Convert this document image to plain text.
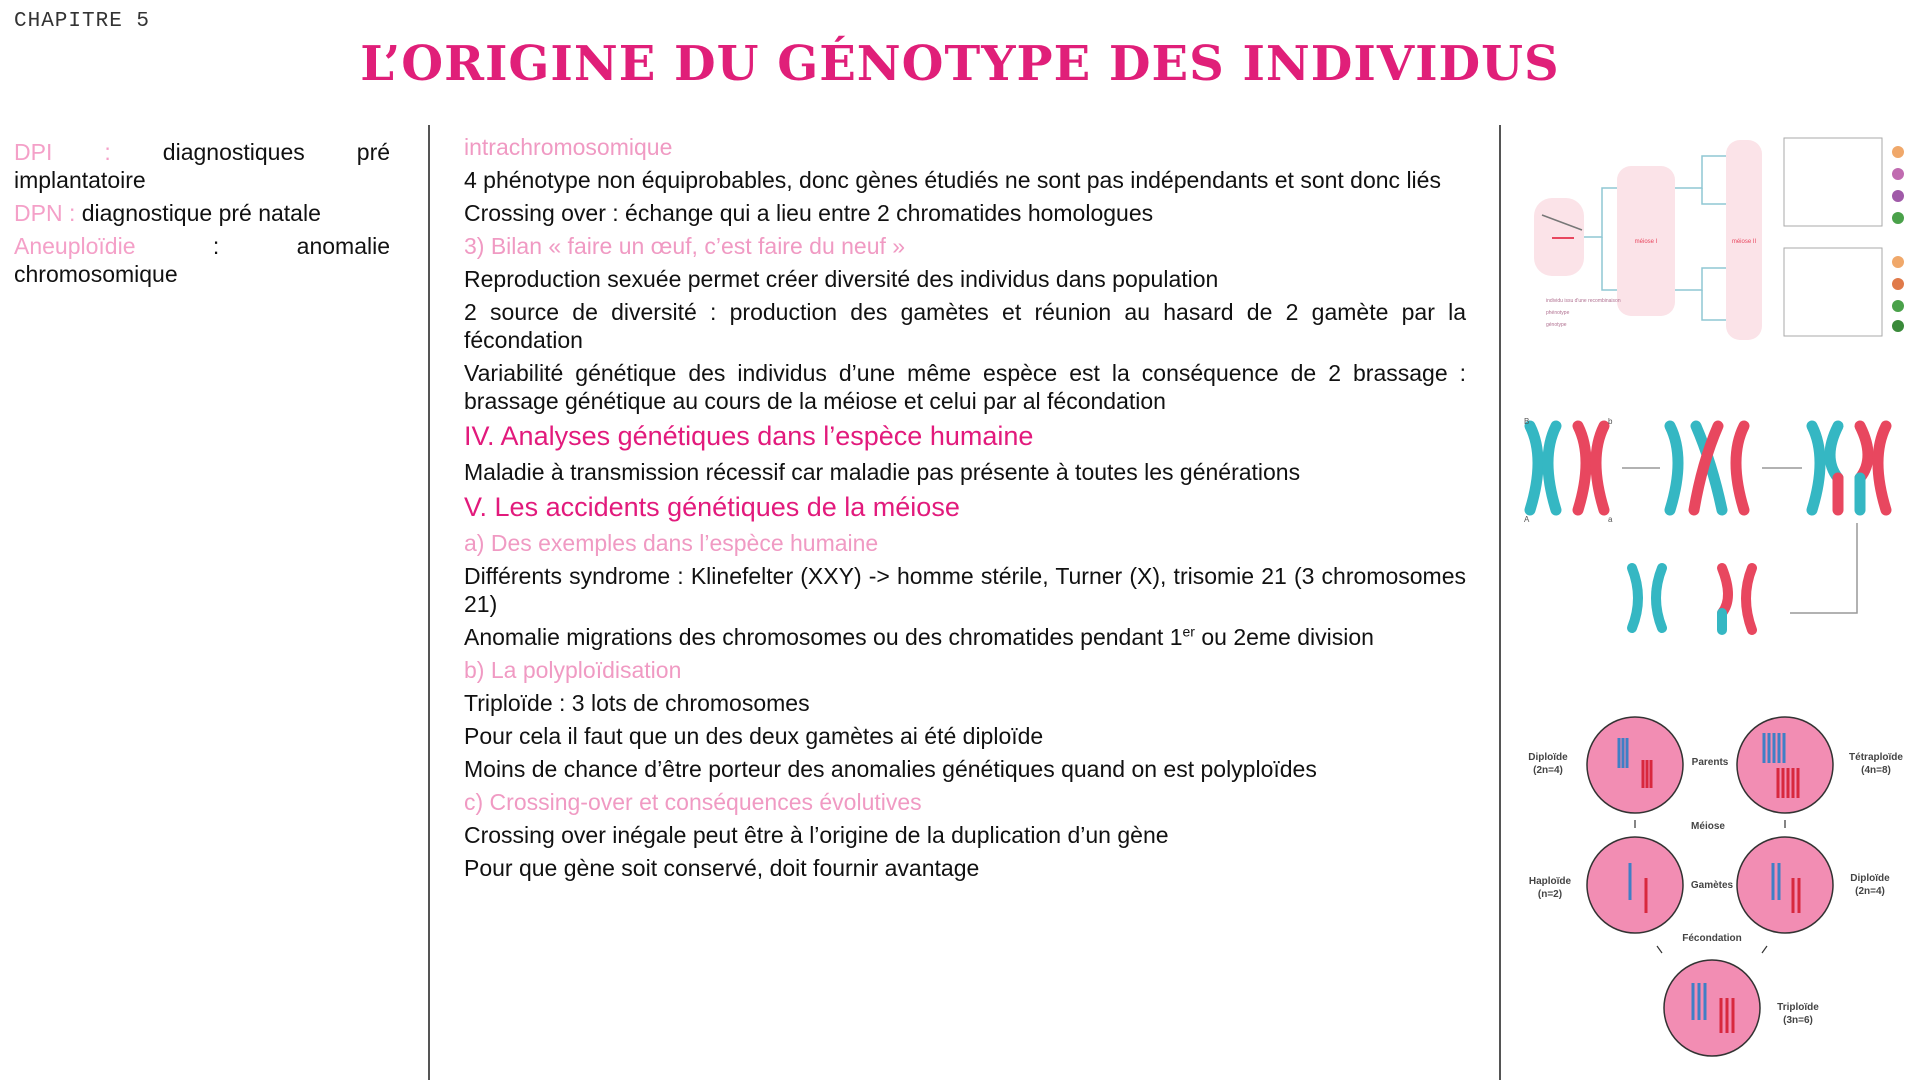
CHAPITRE 5
L’ORIGINE DU GÉNOTYPE DES INDIVIDUS
DPI : diagnostiques pré
implantatoire
DPN : diagnostique pré natale
Aneuploïdie	:	anomalie
chromosomique

intrachromosomique

4 phénotype non équiprobables, donc gènes étudiés ne sont pas indépendants et sont donc liés

Crossing over : échange qui a lieu entre 2 chromatides homologues

3) Bilan « faire un œuf, c’est faire du neuf »

Reproduction sexuée permet créer diversité des individus dans population

2 source de diversité : production des gamètes et réunion au hasard de 2 gamète par la fécondation

Variabilité génétique des individus d’une même espèce est la conséquence de 2 brassage : brassage génétique au cours de la méiose et celui par al fécondation

IV. Analyses génétiques dans l’espèce humaine

Maladie à transmission récessif car maladie pas présente à toutes les générations

V. Les accidents génétiques de la méiose

a) Des exemples dans l’espèce humaine

Différents syndrome : Klinefelter (XXY) -> homme stérile, Turner (X), trisomie 21 (3 chromosomes 21)

Anomalie migrations des chromosomes ou des chromatides pendant 1er ou 2eme division

b) La polyploïdisation

Triploïde : 3 lots de chromosomes

Pour cela il faut que un des deux gamètes ai été diploïde

Moins de chance d’être porteur des anomalies génétiques quand on est polyploïdes

c) Crossing-over et conséquences évolutives

Crossing over inégale peut être à l’origine de la duplication d’un gène

Pour que gène soit conservé, doit fournir avantage

méiose I	méiose II
individu issu d'une recombinaison
phénotype
génotype
B	b
A	a
Diploïde
(2n=4)
Parents	Tétraploïde
(4n=8)
Méiose
Haploïde
(n=2)
Gamètes
Diploïde
(2n=4)
Fécondation
Triploïde
(3n=6)
